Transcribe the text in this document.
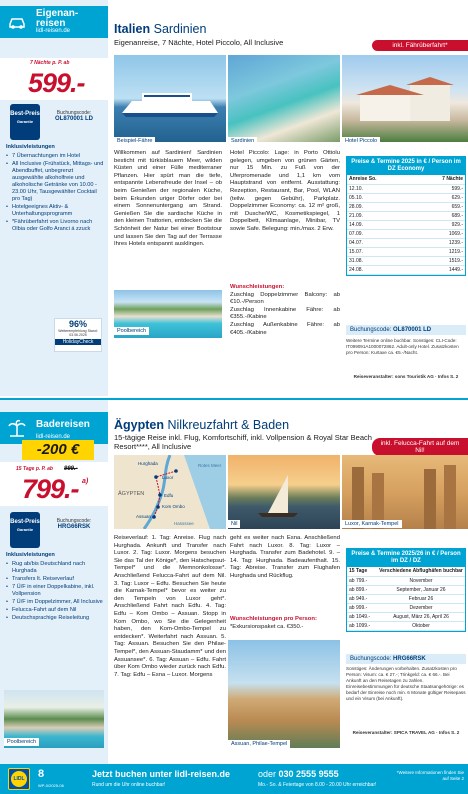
Eigenan-
reisen
lidl-reisen.de
7 Nächte p. P. ab
599.-
Best-Preis
Garantie
Buchungscode:
OL870001 LD
Inklusivleistungen
• 7 Übernachtungen im Hotel
• All Inclusive (Frühstück, Mittags- und Abendbuffet, unbegrenzt ausgewählte alkoholfreie und alkoholische Getränke von 10.00 - 23.00 Uhr, Tausgewählter Cocktail pro Tag)
• Hotelgeeignes Aktiv- & Unterhaltungsprogramm
• *Fährüberfahrt von Livorno nach Olbia oder Golfo Aranci á zzuck
96%
Weiterempfehlung Stand: 03.06.2025
HolidayCheck
Italien Sardinien
Eigenanreise, 7 Nächte, Hotel Piccolo, All Inclusive	inkl. Fährüberfahrt*
Beispiel-Fähre	Sardinien	Hotel Piccolo
Willkommen auf Sardinien! Sardinien besticht mit türkisblauem Meer, wilden Küsten und einer Fülle mediterraner Pflanzen. Hier spürt man die tiefe, entspannte Lebensfreude der Insel – ob beim Genießen der regionalen Küche, beim Erkunden uriger Dörfer oder bei einem Sonnenuntergang am Strand. Genießen Sie die sardische Küche in den kleinen Trattorien, entdecken Sie die Schönheit der Natur bei einer Bootstour und lassen Sie den Tag auf der Terrasse Ihres Hotels entspannt ausklingen.
Poolbereich
Hotel Piccolo: Lage: in Porto Ottiolu gelegen, umgeben von grünen Gärten, nur 15 Min. zu Fuß von der Uferpromenade und 1,1 km vom Hauptstrand von entfernt. Ausstattung: Rezeption, Restaurant, Bar, Pool, WLAN (teilw. gegen Gebühr), Parkplatz. Doppelzimmer Economy: ca. 12 m² groß, mit Dusche/WC, Kosmetikspiegel, 1 Doppelbett, Klimaanlage, Minibar, TV sowie Safe. Belegung: min./max. 2 Erw.
Wunschleistungen:
Zuschlag Doppelzimmer Balcony: ab €10.-/Person
Zuschlag Innenkabine Fähre: ab €355.-/Kabine
Zuschlag Außenkabine Fähre: ab €405.-/Kabine
Preise & Termine 2025 in € / Person im DZ Economy
Anreise So.	7 Nächte
12.10.	599.-
05.10.	629.-
28.09.	659.-
21.09.	689.-
14.09.	929.-
07.09.	1069.-
04.07.	1239.-
15.07.	1219.-
31.08.	1519.-
24.08.	1449.-
Buchungscode: OL870001 LD
Weitere Termine online buchbar. Sonstiges: CLI-Code: IT099091A1000072862. Adult-only Hotel. Zusatzkosten pro Person: Kurtaxe ca. €5.-/Nacht.
Reiseveranstalter: sons Touristik AG · Infos S. 2
Badereisen
lidl-reisen.de
-200 €
15 Tage p. P. ab 999.-
799.- a)
Best-Preis
Garantie
Buchungscode:
HRG66RSK
Inklusivleistungen
• Rug ab/bis Deutschland nach Hurghada
• Transfers lt. Reiseverlauf
• 7 Ü/F in einer Doppelkabine, inkl. Vollpension
• 7 Ü/F im Doppelzimmer, All Inclusive
• Felucca-Fahrt auf dem Nil
• Deutschsprachige Reiseleitung
Poolbereich
Ägypten Nilkreuzfahrt & Baden
15-tägige Reise inkl. Flug, Komfortschiff, inkl. Vollpension & Royal Star Beach Resort****, All Inclusive	inkl. Felucca-Fahrt auf dem Nil!
Hurghada
Luxor
Edfu
Kom Ombo
Assuan
Rotes Meer
ÄGYPTEN
Hassssee	Nil	Luxor, Karnak-Tempel
Reiseverlauf: 1. Tag: Anreise. Flug nach Hurghada. Ankunft und Transfer nach Luxor. 2. Tag: Luxor. Morgens besuchen Sie das Tal der Könige*, den Hatschepsut-Tempel* und die Memnonkolosse*. Anschließend Felucca-Fahrt auf dem Nil. 3. Tag: Luxor – Edfu. Besuchen Sie heute die Karnak-Tempel* bevor es weiter zu den Tempeln von Luxor geht*. Anschließend Fahrt nach Edfu. 4. Tag: Edfu – Kom Ombo – Assuan. Stopp in Kom Ombo, wo Sie die Gelegenheit haben, den Kom-Ombo-Tempel zu entdecken*. Weiterfahrt nach Assuan. 5. Tag: Assuan. Besuchen Sie den Philae-Tempel*, den Assuan-Staudamm* und den Assuansee*. 6. Tag: Assuan – Edfu. Fahrt über Kom Ombo wieder zurück nach Edfu. 7. Tag: Edfu – Esna – Luxor. Morgens
geht es weiter nach Esna. Anschließend Fahrt nach Luxor. 8. Tag: Luxor – Hurghada. Transfer zum Badehotel. 9. – 14. Tag: Hurghada. Badeaufenthalt. 15. Tag: Abreise. Transfer zum Flughafen Hurghada und Rückflug.
Wunschleistungen pro Person:
*Exkursionspaket ca. €350.-
Assuan, Philae-Tempel
Preise & Termine 2025/26 in € / Person im DZ / DZ
15 Tage	Verschiedene Abflughäfen buchbar
ab 799.-	November
ab 899.-	September, Januar 26
ab 949.-	Februar 26
ab 999.-	Dezember
ab 1049.-	August, März 26, April 26
ab 1099.-	Oktober
Buchungscode: HRG66RSK
Sonstiges: Änderungen vorbehalten. Zusatzkosten pro Person: Visum: ca. € 27.-; Trinkgeld: ca. € 66.-. Bei Ankunft an den Reisetagen zu zahlen. Einreisebestimmungen für deutsche Staatsangehörige: es bedarf der Einreise noch min. 6 Monate gültiger Reisepass und ein Visum (bei Ankunft).
Reiseveranstalter: SPICA TRAVEL AG · Infos S. 2
LIDL 8
WP-0/2025-06
Jetzt buchen unter lidl-reisen.de
Rund um die Uhr online buchbar!
oder 030 2555 9555
Mo.- So. & Feiertage von 8.00 - 20.00 Uhr erreichbar!
*Weitere Informationen finden Sie auf Seite 2
